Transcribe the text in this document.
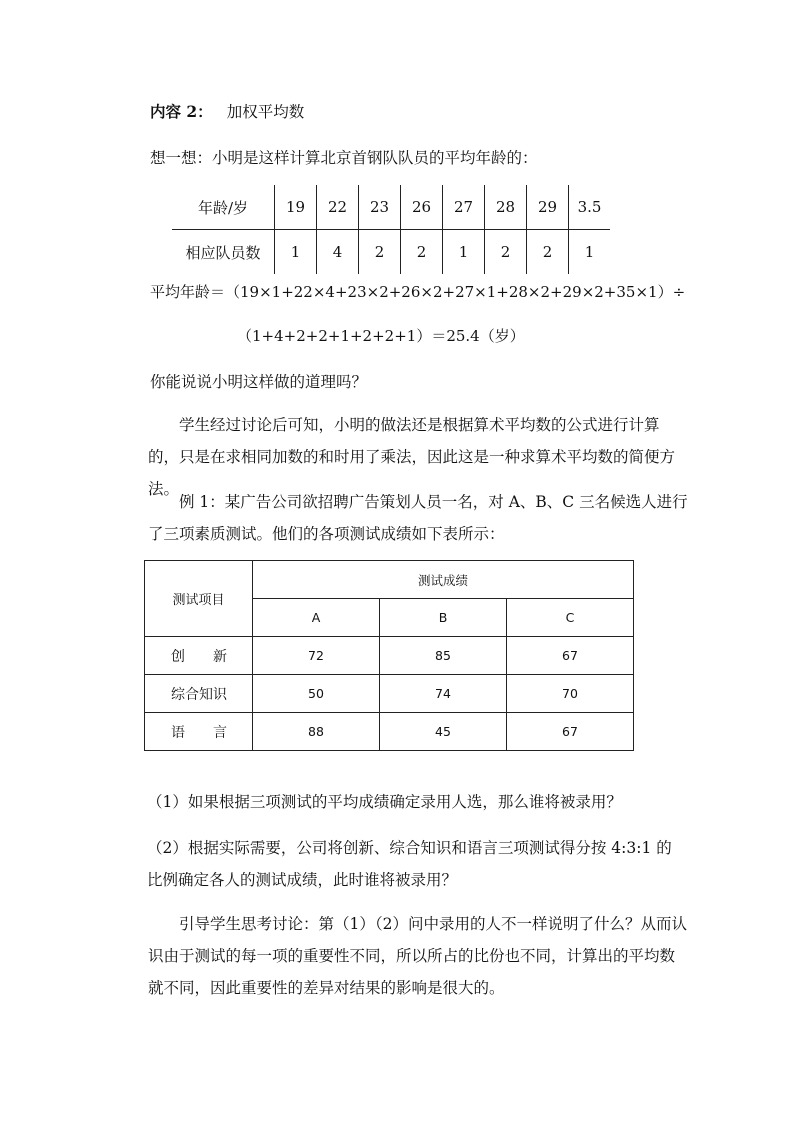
内容 2： 加权平均数
想一想：小明是这样计算北京首钢队队员的平均年龄的：
年龄/岁	19	22	23	26	27	28	29	3.5
相应队员数	1	4	2	2	1	2	2	1
平均年龄＝（19×1+22×4+23×2+26×2+27×1+28×2+29×2+35×1）÷
（1+4+2+2+1+2+2+1）＝25.4（岁）
你能说说小明这样做的道理吗？
学生经过讨论后可知，小明的做法还是根据算术平均数的公式进行计算的，只是在求相同加数的和时用了乘法，因此这是一种求算术平均数的简便方法。
例 1：某广告公司欲招聘广告策划人员一名，对 A、B、C 三名候选人进行了三项素质测试。他们的各项测试成绩如下表所示：
测试项目	测试成绩		
	A	B	C
创　　新	72	85	67
综合知识	50	74	70
语　　言	88	45	67
（1）如果根据三项测试的平均成绩确定录用人选，那么谁将被录用？
（2）根据实际需要，公司将创新、综合知识和语言三项测试得分按 4:3:1 的比例确定各人的测试成绩，此时谁将被录用？
引导学生思考讨论：第（1）（2）问中录用的人不一样说明了什么？从而认识由于测试的每一项的重要性不同，所以所占的比份也不同，计算出的平均数就不同，因此重要性的差异对结果的影响是很大的。
